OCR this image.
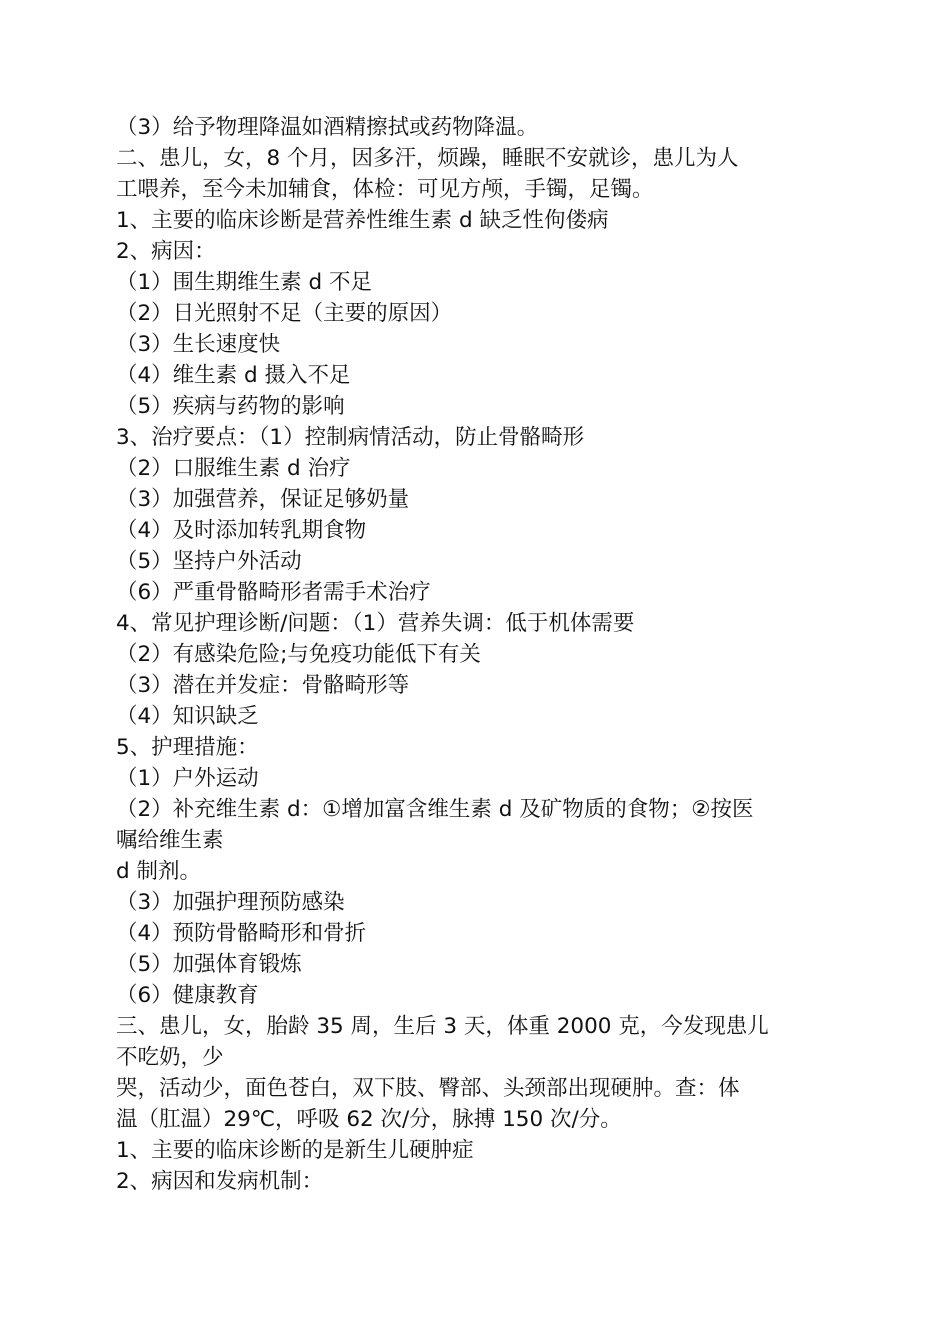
（3）给予物理降温如酒精擦拭或药物降温。
二、患儿，女，8 个月，因多汗，烦躁，睡眠不安就诊，患儿为人
工喂养，至今未加辅食，体检：可见方颅，手镯，足镯。
1、主要的临床诊断是营养性维生素 d 缺乏性佝偻病
2、病因：
（1）围生期维生素 d 不足
（2）日光照射不足（主要的原因）
（3）生长速度快
（4）维生素 d 摄入不足
（5）疾病与药物的影响
3、治疗要点：（1）控制病情活动，防止骨骼畸形
（2）口服维生素 d 治疗
（3）加强营养，保证足够奶量
（4）及时添加转乳期食物
（5）坚持户外活动
（6）严重骨骼畸形者需手术治疗
4、常见护理诊断/问题：（1）营养失调：低于机体需要
（2）有感染危险;与免疫功能低下有关
（3）潜在并发症：骨骼畸形等
（4）知识缺乏
5、护理措施：
（1）户外运动
（2）补充维生素 d：①增加富含维生素 d 及矿物质的食物；②按医
嘱给维生素
d 制剂。
（3）加强护理预防感染
（4）预防骨骼畸形和骨折
（5）加强体育锻炼
（6）健康教育
三、患儿，女，胎龄 35 周，生后 3 天，体重 2000 克，今发现患儿
不吃奶，少
哭，活动少，面色苍白，双下肢、臀部、头颈部出现硬肿。查：体
温（肛温）29℃，呼吸 62 次/分，脉搏 150 次/分。
1、主要的临床诊断的是新生儿硬肿症
2、病因和发病机制：
